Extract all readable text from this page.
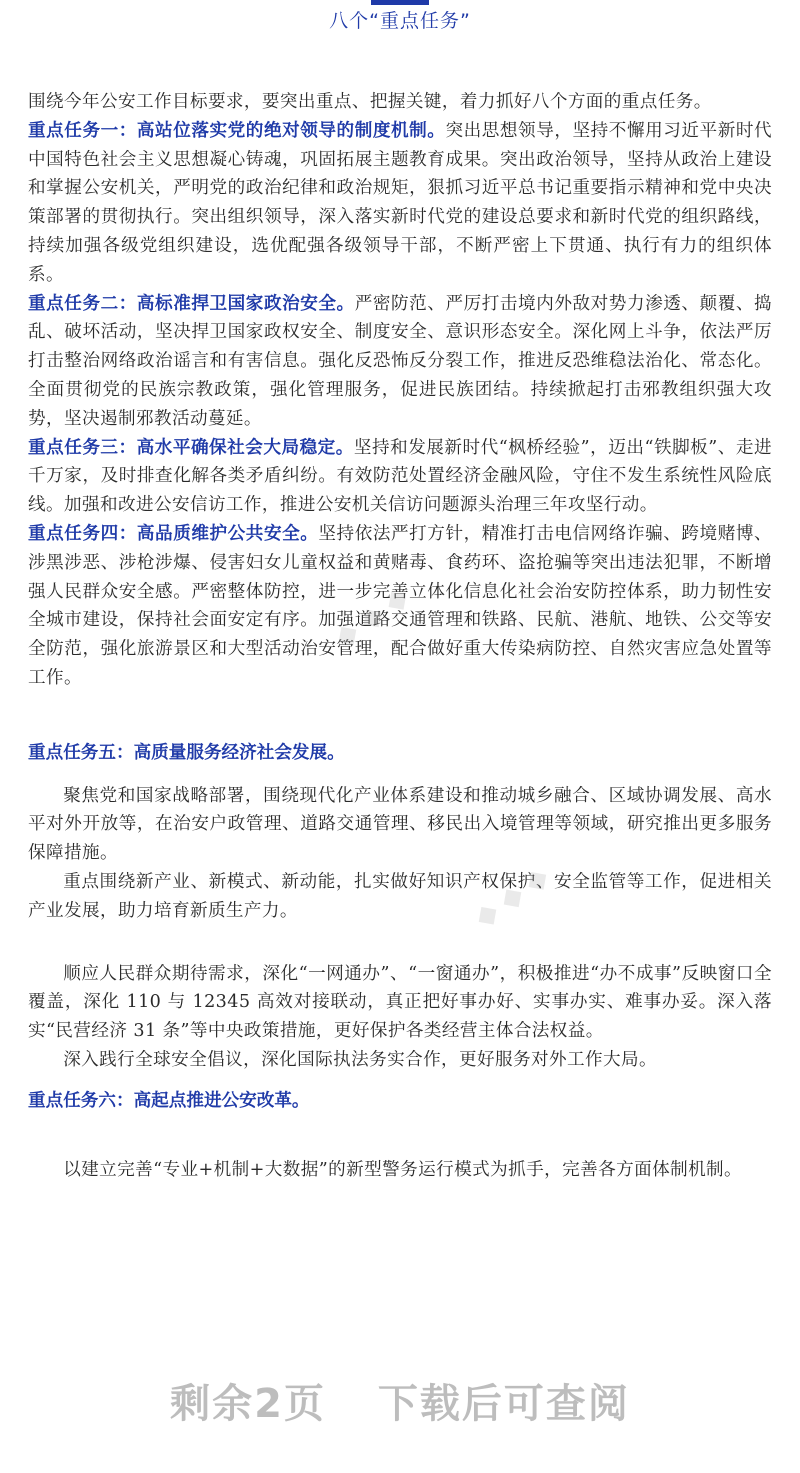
八个“重点任务”

围绕今年公安工作目标要求，要突出重点、把握关键，着力抓好八个方面的重点任务。

重点任务一：高站位落实党的绝对领导的制度机制。突出思想领导，坚持不懈用习近平新时代中国特色社会主义思想凝心铸魂，巩固拓展主题教育成果。突出政治领导，坚持从政治上建设和掌握公安机关，严明党的政治纪律和政治规矩，狠抓习近平总书记重要指示精神和党中央决策部署的贯彻执行。突出组织领导，深入落实新时代党的建设总要求和新时代党的组织路线，持续加强各级党组织建设，选优配强各级领导干部，不断严密上下贯通、执行有力的组织体系。

重点任务二：高标准捍卫国家政治安全。严密防范、严厉打击境内外敌对势力渗透、颠覆、捣乱、破坏活动，坚决捍卫国家政权安全、制度安全、意识形态安全。深化网上斗争，依法严厉打击整治网络政治谣言和有害信息。强化反恐怖反分裂工作，推进反恐维稳法治化、常态化。全面贯彻党的民族宗教政策，强化管理服务，促进民族团结。持续掀起打击邪教组织强大攻势，坚决遏制邪教活动蔓延。

重点任务三：高水平确保社会大局稳定。坚持和发展新时代“枫桥经验”，迈出“铁脚板”、走进千万家，及时排查化解各类矛盾纠纷。有效防范处置经济金融风险，守住不发生系统性风险底线。加强和改进公安信访工作，推进公安机关信访问题源头治理三年攻坚行动。

重点任务四：高品质维护公共安全。坚持依法严打方针，精准打击电信网络诈骗、跨境赌博、涉黑涉恶、涉枪涉爆、侵害妇女儿童权益和黄赌毒、食药环、盗抢骗等突出违法犯罪，不断增强人民群众安全感。严密整体防控，进一步完善立体化信息化社会治安防控体系，助力韧性安全城市建设，保持社会面安定有序。加强道路交通管理和铁路、民航、港航、地铁、公交等安全防范，强化旅游景区和大型活动治安管理，配合做好重大传染病防控、自然灾害应急处置等工作。

重点任务五：高质量服务经济社会发展。

聚焦党和国家战略部署，围绕现代化产业体系建设和推动城乡融合、区域协调发展、高水平对外开放等，在治安户政管理、道路交通管理、移民出入境管理等领域，研究推出更多服务保障措施。

重点围绕新产业、新模式、新动能，扎实做好知识产权保护、安全监管等工作，促进相关产业发展，助力培育新质生产力。

顺应人民群众期待需求，深化“一网通办”、“一窗通办”，积极推进“办不成事”反映窗口全覆盖，深化 110 与 12345 高效对接联动，真正把好事办好、实事办实、难事办妥。深入落实“民营经济 31 条”等中央政策措施，更好保护各类经营主体合法权益。

深入践行全球安全倡议，深化国际执法务实合作，更好服务对外工作大局。

重点任务六：高起点推进公安改革。

以建立完善“专业+机制+大数据”的新型警务运行模式为抓手，完善各方面体制机制。

◆ ◆ ◆
◆ ◆ ◆
剩余2页 下载后可查阅
